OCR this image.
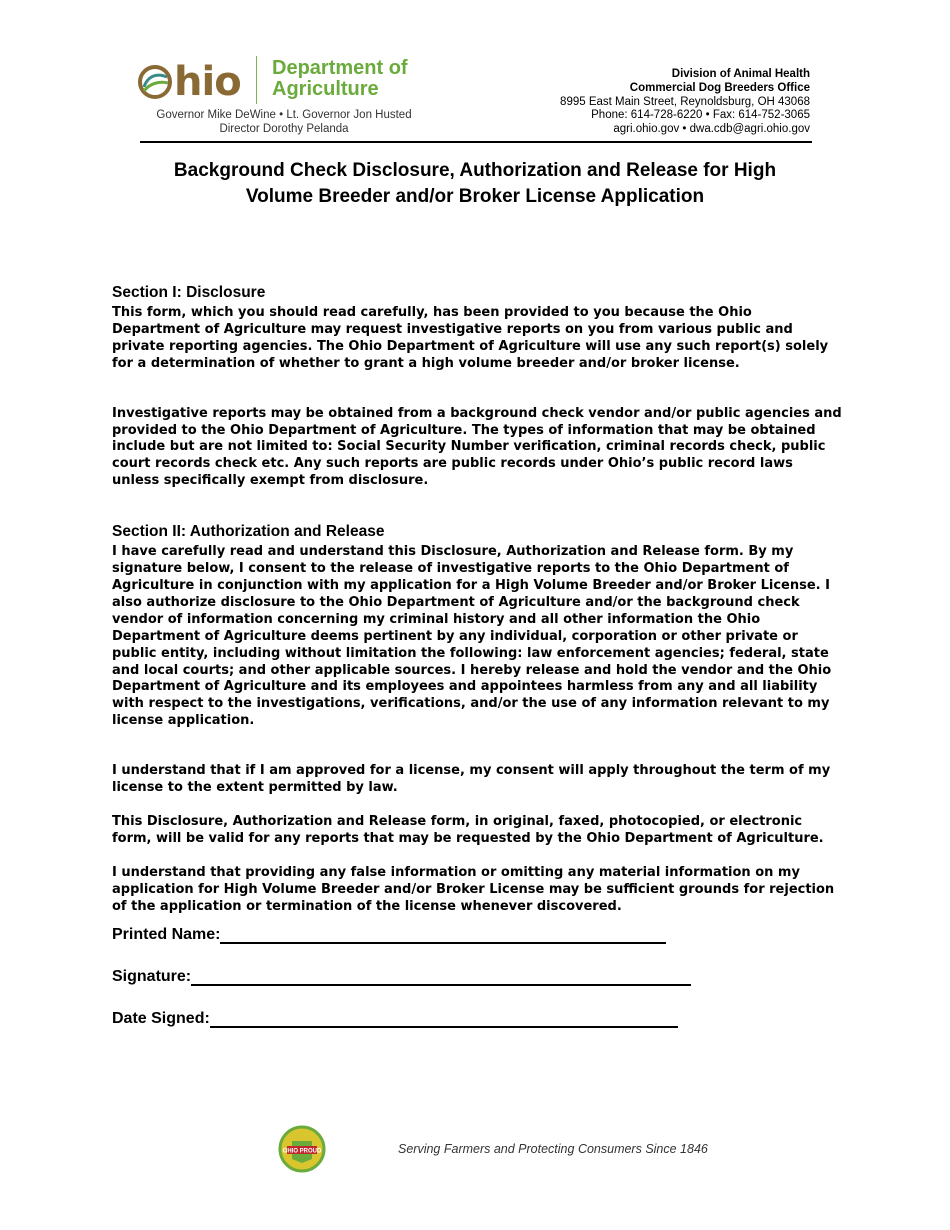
hio Department of
Agriculture
Governor Mike DeWine • Lt. Governor Jon Husted
Director Dorothy Pelanda
Division of Animal Health
Commercial Dog Breeders Office
8995 East Main Street, Reynoldsburg, OH 43068
Phone: 614-728-6220 • Fax: 614-752-3065
agri.ohio.gov • dwa.cdb@agri.ohio.gov
Background Check Disclosure, Authorization and Release for High
Volume Breeder and/or Broker License Application
Section I: Disclosure

This form, which you should read carefully, has been provided to you because the Ohio Department of Agriculture may request investigative reports on you from various public and private reporting agencies. The Ohio Department of Agriculture will use any such report(s) solely for a determination of whether to grant a high volume breeder and/or broker license.

Investigative reports may be obtained from a background check vendor and/or public agencies and provided to the Ohio Department of Agriculture. The types of information that may be obtained include but are not limited to: Social Security Number verification, criminal records check, public court records check etc. Any such reports are public records under Ohio’s public record laws unless specifically exempt from disclosure.

Section II: Authorization and Release

I have carefully read and understand this Disclosure, Authorization and Release form. By my signature below, I consent to the release of investigative reports to the Ohio Department of Agriculture in conjunction with my application for a High Volume Breeder and/or Broker License. I also authorize disclosure to the Ohio Department of Agriculture and/or the background check vendor of information concerning my criminal history and all other information the Ohio Department of Agriculture deems pertinent by any individual, corporation or other private or public entity, including without limitation the following: law enforcement agencies; federal, state and local courts; and other applicable sources. I hereby release and hold the vendor and the Ohio Department of Agriculture and its employees and appointees harmless from any and all liability with respect to the investigations, verifications, and/or the use of any information relevant to my license application.

I understand that if I am approved for a license, my consent will apply throughout the term of my license to the extent permitted by law.

This Disclosure, Authorization and Release form, in original, faxed, photocopied, or electronic form, will be valid for any reports that may be requested by the Ohio Department of Agriculture.

I understand that providing any false information or omitting any material information on my application for High Volume Breeder and/or Broker License may be sufficient grounds for rejection of the application or termination of the license whenever discovered.

Printed Name:
Signature:
Date Signed:
OHIO PROUD	Serving Farmers and Protecting Consumers Since 1846
